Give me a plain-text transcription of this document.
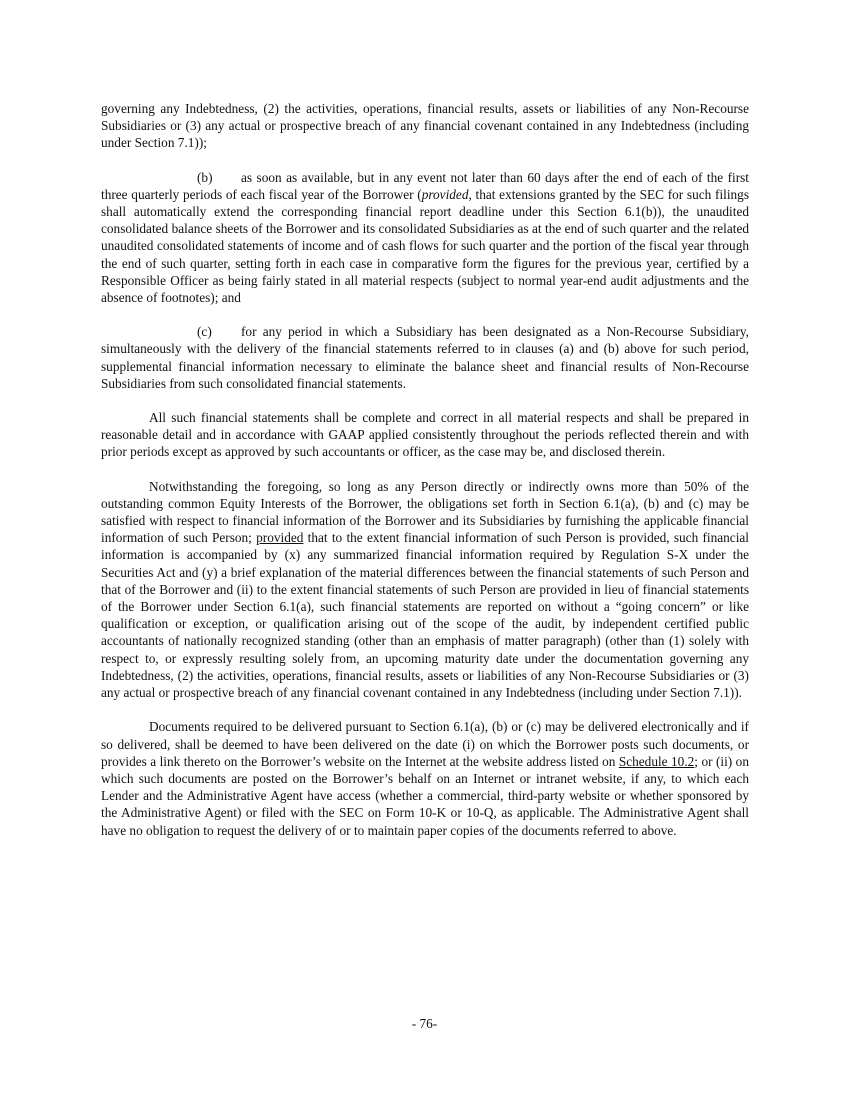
governing any Indebtedness, (2) the activities, operations, financial results, assets or liabilities of any Non-Recourse Subsidiaries or (3) any actual or prospective breach of any financial covenant contained in any Indebtedness (including under Section 7.1));

(b) as soon as available, but in any event not later than 60 days after the end of each of the first three quarterly periods of each fiscal year of the Borrower (provided, that extensions granted by the SEC for such filings shall automatically extend the corresponding financial report deadline under this Section 6.1(b)), the unaudited consolidated balance sheets of the Borrower and its consolidated Subsidiaries as at the end of such quarter and the related unaudited consolidated statements of income and of cash flows for such quarter and the portion of the fiscal year through the end of such quarter, setting forth in each case in comparative form the figures for the previous year, certified by a Responsible Officer as being fairly stated in all material respects (subject to normal year-end audit adjustments and the absence of footnotes); and

(c) for any period in which a Subsidiary has been designated as a Non-Recourse Subsidiary, simultaneously with the delivery of the financial statements referred to in clauses (a) and (b) above for such period, supplemental financial information necessary to eliminate the balance sheet and financial results of Non-Recourse Subsidiaries from such consolidated financial statements.

All such financial statements shall be complete and correct in all material respects and shall be prepared in reasonable detail and in accordance with GAAP applied consistently throughout the periods reflected therein and with prior periods except as approved by such accountants or officer, as the case may be, and disclosed therein.

Notwithstanding the foregoing, so long as any Person directly or indirectly owns more than 50% of the outstanding common Equity Interests of the Borrower, the obligations set forth in Section 6.1(a), (b) and (c) may be satisfied with respect to financial information of the Borrower and its Subsidiaries by furnishing the applicable financial information of such Person; provided that to the extent financial information of such Person is provided, such financial information is accompanied by (x) any summarized financial information required by Regulation S-X under the Securities Act and (y) a brief explanation of the material differences between the financial statements of such Person and that of the Borrower and (ii) to the extent financial statements of such Person are provided in lieu of financial statements of the Borrower under Section 6.1(a), such financial statements are reported on without a “going concern” or like qualification or exception, or qualification arising out of the scope of the audit, by independent certified public accountants of nationally recognized standing (other than an emphasis of matter paragraph) (other than (1) solely with respect to, or expressly resulting solely from, an upcoming maturity date under the documentation governing any Indebtedness, (2) the activities, operations, financial results, assets or liabilities of any Non-Recourse Subsidiaries or (3) any actual or prospective breach of any financial covenant contained in any Indebtedness (including under Section 7.1)).

Documents required to be delivered pursuant to Section 6.1(a), (b) or (c) may be delivered electronically and if so delivered, shall be deemed to have been delivered on the date (i) on which the Borrower posts such documents, or provides a link thereto on the Borrower’s website on the Internet at the website address listed on Schedule 10.2; or (ii) on which such documents are posted on the Borrower’s behalf on an Internet or intranet website, if any, to which each Lender and the Administrative Agent have access (whether a commercial, third-party website or whether sponsored by the Administrative Agent) or filed with the SEC on Form 10-K or 10-Q, as applicable. The Administrative Agent shall have no obligation to request the delivery of or to maintain paper copies of the documents referred to above.

- 76-
